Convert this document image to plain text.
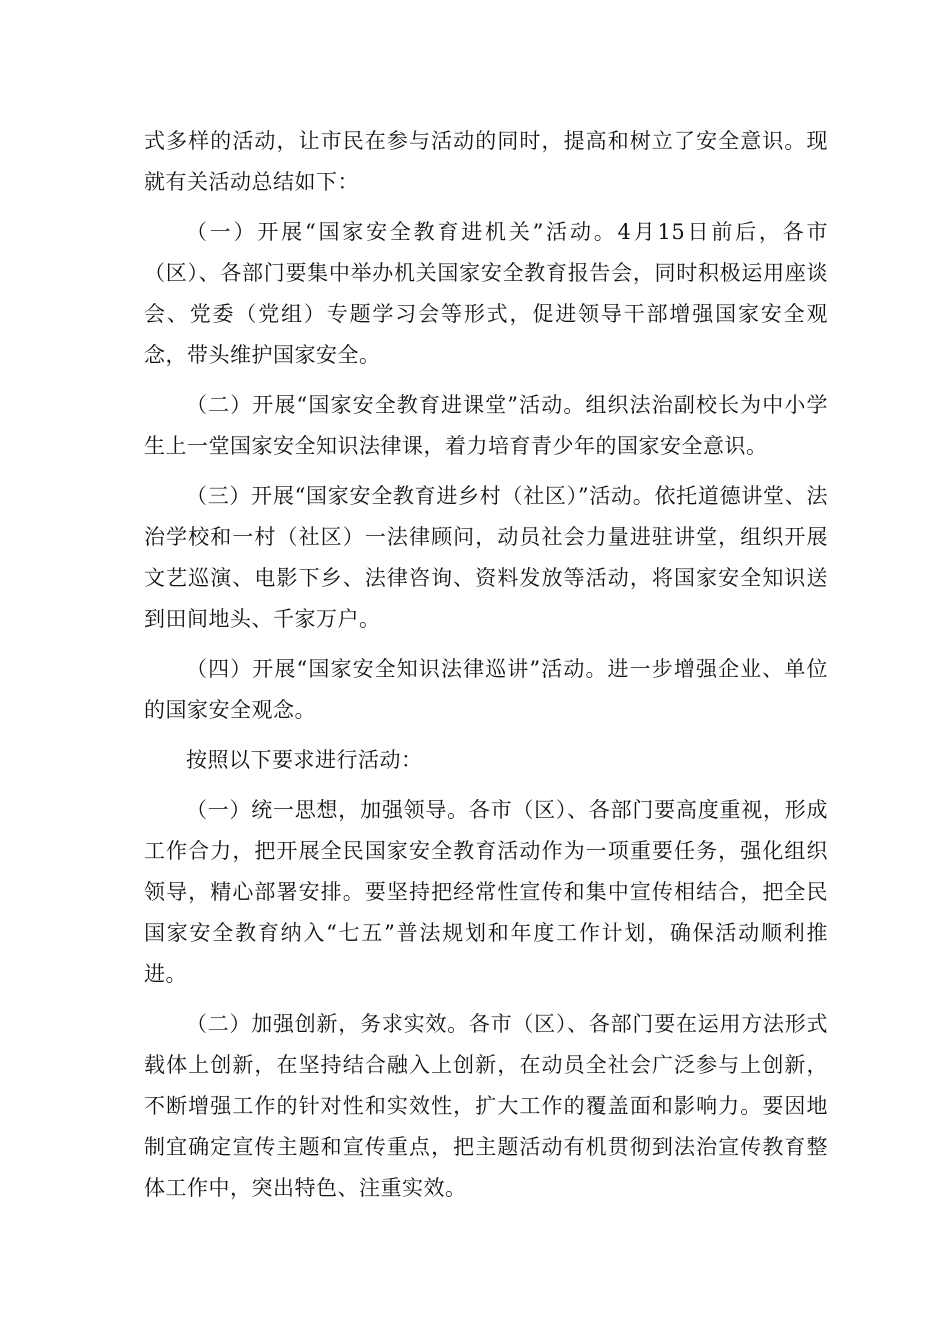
式多样的活动，让市民在参与活动的同时，提高和树立了安全意识。现就有关活动总结如下：

（一）开展“国家安全教育进机关”活动。4月15日前后，各市（区）、各部门要集中举办机关国家安全教育报告会，同时积极运用座谈会、党委（党组）专题学习会等形式，促进领导干部增强国家安全观念，带头维护国家安全。

（二）开展“国家安全教育进课堂”活动。组织法治副校长为中小学生上一堂国家安全知识法律课，着力培育青少年的国家安全意识。

（三）开展“国家安全教育进乡村（社区）”活动。依托道德讲堂、法治学校和一村（社区）一法律顾问，动员社会力量进驻讲堂，组织开展文艺巡演、电影下乡、法律咨询、资料发放等活动，将国家安全知识送到田间地头、千家万户。

（四）开展“国家安全知识法律巡讲”活动。进一步增强企业、单位的国家安全观念。

按照以下要求进行活动：

（一）统一思想，加强领导。各市（区）、各部门要高度重视，形成工作合力，把开展全民国家安全教育活动作为一项重要任务，强化组织领导，精心部署安排。要坚持把经常性宣传和集中宣传相结合，把全民国家安全教育纳入“七五”普法规划和年度工作计划，确保活动顺利推进。

（二）加强创新，务求实效。各市（区）、各部门要在运用方法形式载体上创新，在坚持结合融入上创新，在动员全社会广泛参与上创新，不断增强工作的针对性和实效性，扩大工作的覆盖面和影响力。要因地制宜确定宣传主题和宣传重点，把主题活动有机贯彻到法治宣传教育整体工作中，突出特色、注重实效。
